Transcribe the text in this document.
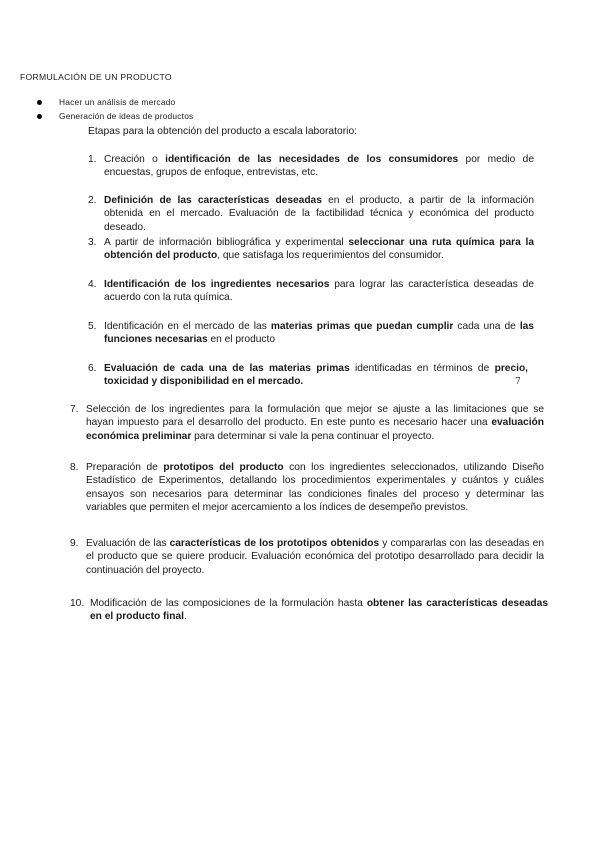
FORMULACIÓN DE UN PRODUCTO
Hacer un análisis de mercado
Generación de ideas de productos
Etapas para la obtención del producto a escala laboratorio:
1. Creación o identificación de las necesidades de los consumidores por medio de encuestas, grupos de enfoque, entrevistas, etc.
2. Definición de las características deseadas en el producto, a partir de la información obtenida en el mercado. Evaluación de la factibilidad técnica y económica del producto deseado.
3. A partir de información bibliográfica y experimental seleccionar una ruta química para la obtención del producto, que satisfaga los requerimientos del consumidor.
4. Identificación de los ingredientes necesarios para lograr las característica deseadas de acuerdo con la ruta química.
5. Identificación en el mercado de las materias primas que puedan cumplir cada una de las funciones necesarias en el producto
6. Evaluación de cada una de las materias primas identificadas en términos de precio, toxicidad y disponibilidad en el mercado.
7. Selección de los ingredientes para la formulación que mejor se ajuste a las limitaciones que se hayan impuesto para el desarrollo del producto. En este punto es necesario hacer una evaluación económica preliminar para determinar si vale la pena continuar el proyecto.
8. Preparación de prototipos del producto con los ingredientes seleccionados, utilizando Diseño Estadístico de Experimentos, detallando los procedimientos experimentales y cuántos y cuáles ensayos son necesarios para determinar las condiciones finales del proceso y determinar las variables que permiten el mejor acercamiento a los índices de desempeño previstos.
9. Evaluación de las características de los prototipos obtenidos y compararlas con las deseadas en el producto que se quiere producir. Evaluación económica del prototipo desarrollado para decidir la continuación del proyecto.
10. Modificación de las composiciones de la formulación hasta obtener las características deseadas en el producto final.
7
